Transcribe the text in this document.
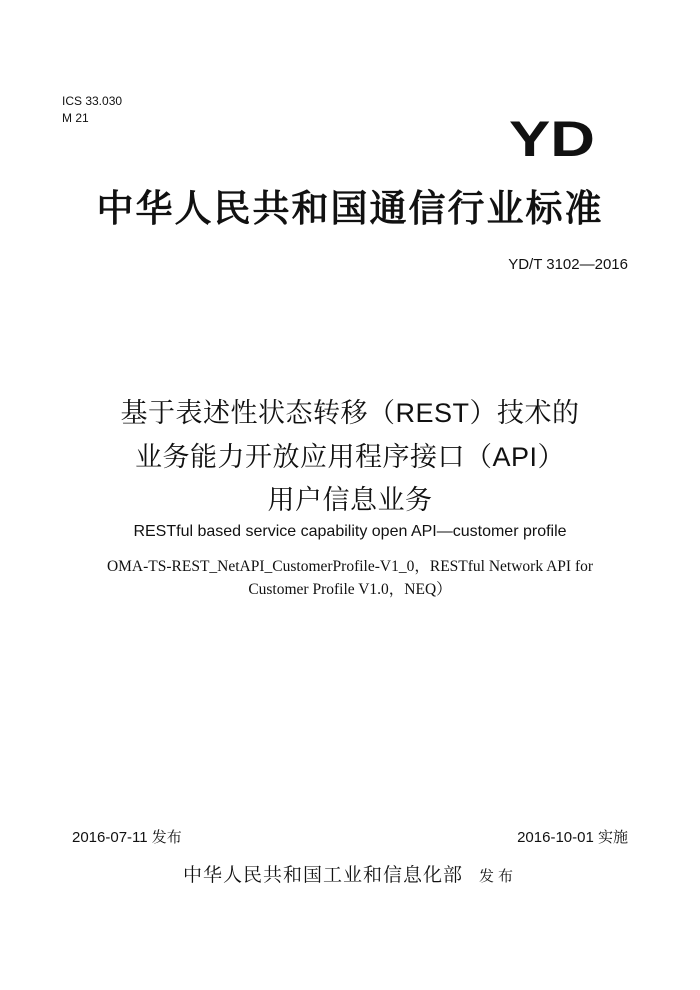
ICS 33.030
M 21	YD
中华人民共和国通信行业标准
YD/T 3102—2016
基于表述性状态转移（REST）技术的
业务能力开放应用程序接口（API）
用户信息业务
RESTful based service capability open API—customer profile
OMA-TS-REST_NetAPI_CustomerProfile-V1_0，RESTful Network API for
Customer Profile V1.0，NEQ）
2016-07-11 发布	2016-10-01 实施
中华人民共和国工业和信息化部 发布
